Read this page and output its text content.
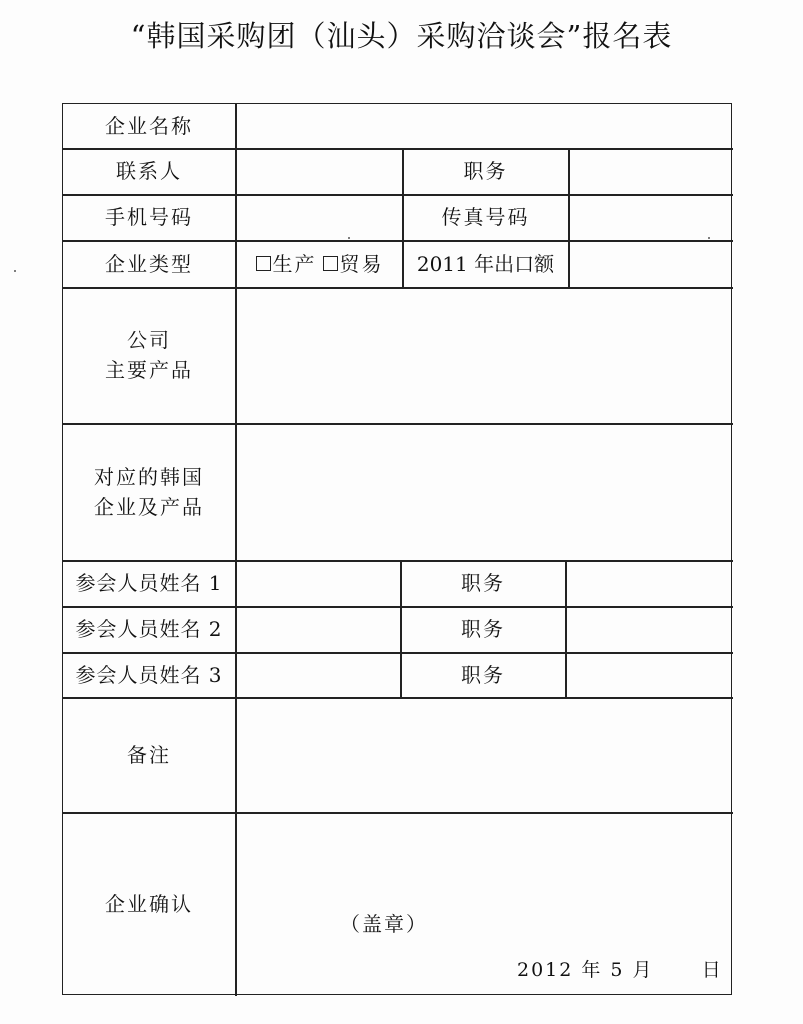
“韩国采购团（汕头）采购洽谈会”报名表
企业名称
联系人	职务
手机号码	传真号码
企业类型	生产 贸易	2011 年出口额
公司
主要产品
对应的韩国
企业及产品
参会人员姓名 1	职务
参会人员姓名 2	职务
参会人员姓名 3	职务
备注
企业确认
（盖章）
2012 年 5 月      日
